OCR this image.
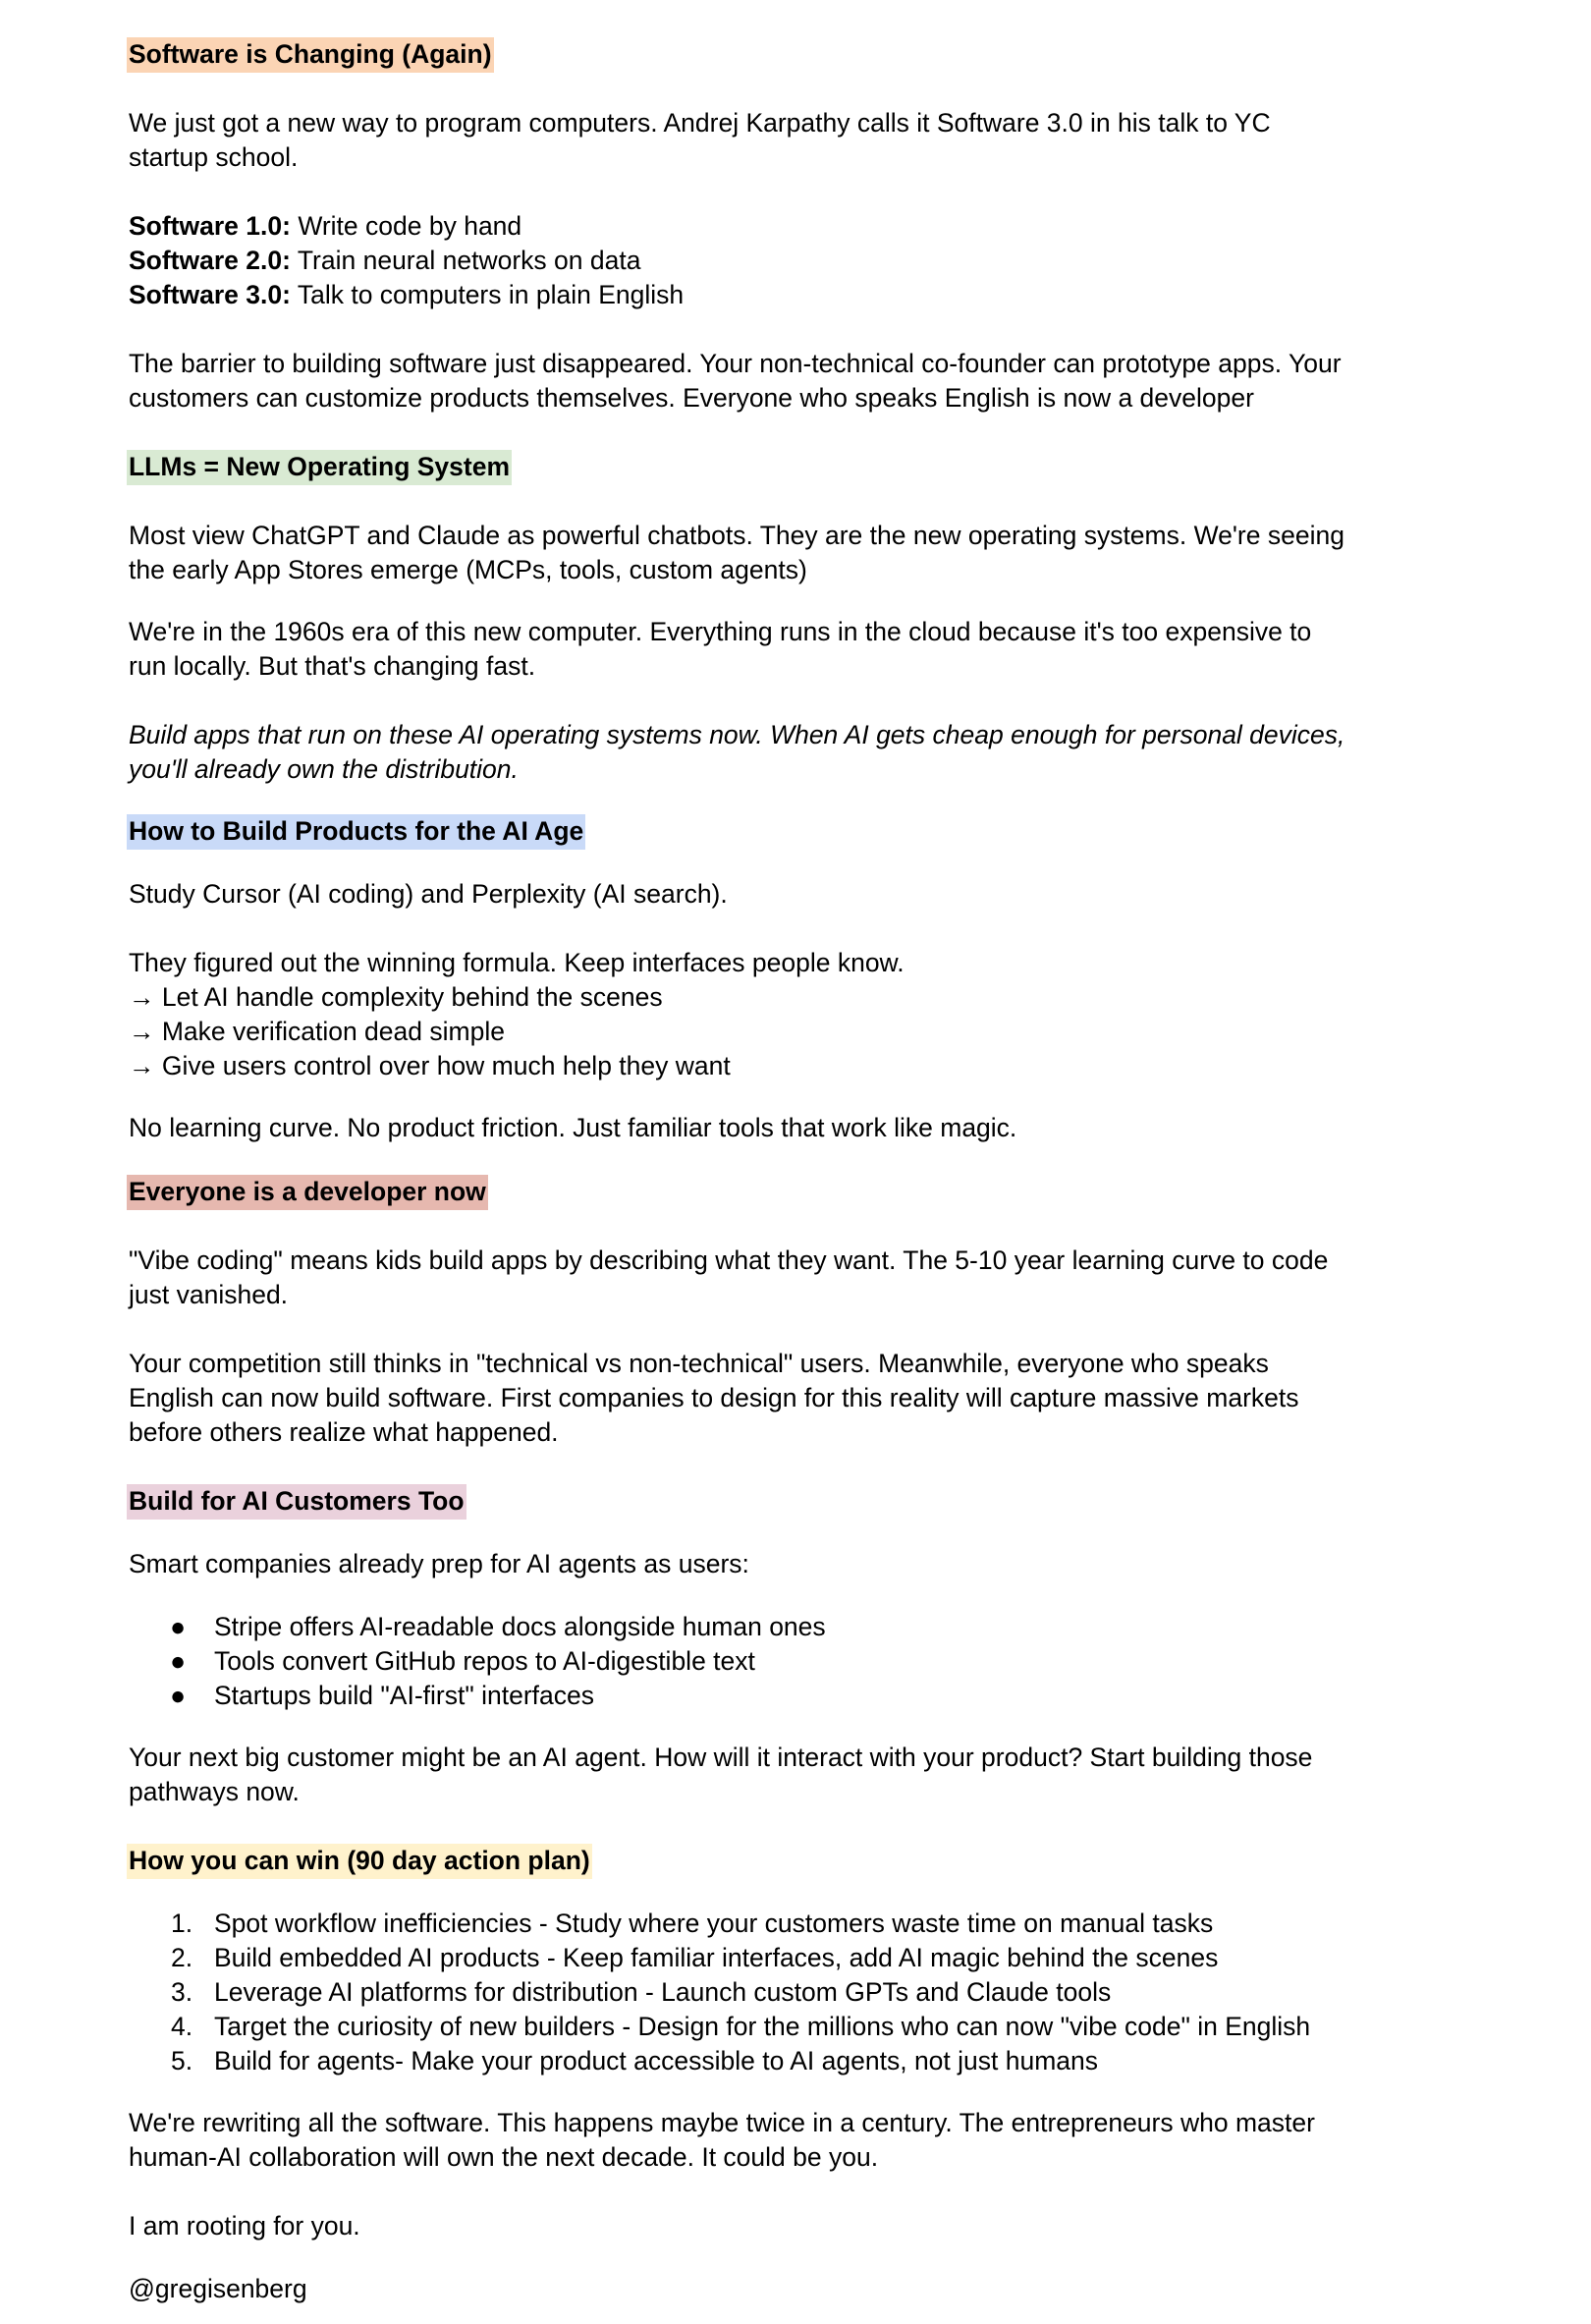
Software is Changing (Again)
We just got a new way to program computers. Andrej Karpathy calls it Software 3.0 in his talk to YC
startup school.
Software 1.0: Write code by hand
Software 2.0: Train neural networks on data
Software 3.0: Talk to computers in plain English
The barrier to building software just disappeared. Your non-technical co-founder can prototype apps. Your
customers can customize products themselves. Everyone who speaks English is now a developer
LLMs = New Operating System
Most view ChatGPT and Claude as powerful chatbots. They are the new operating systems. We're seeing
the early App Stores emerge (MCPs, tools, custom agents)
We're in the 1960s era of this new computer. Everything runs in the cloud because it's too expensive to
run locally. But that's changing fast.
Build apps that run on these AI operating systems now. When AI gets cheap enough for personal devices,
you'll already own the distribution.
How to Build Products for the AI Age
Study Cursor (AI coding) and Perplexity (AI search).
They figured out the winning formula. Keep interfaces people know.
→ Let AI handle complexity behind the scenes
→ Make verification dead simple
→ Give users control over how much help they want
No learning curve. No product friction. Just familiar tools that work like magic.
Everyone is a developer now
"Vibe coding" means kids build apps by describing what they want. The 5-10 year learning curve to code
just vanished.
Your competition still thinks in "technical vs non-technical" users. Meanwhile, everyone who speaks
English can now build software. First companies to design for this reality will capture massive markets
before others realize what happened.
Build for AI Customers Too
Smart companies already prep for AI agents as users:
●	Stripe offers AI-readable docs alongside human ones
●	Tools convert GitHub repos to AI-digestible text
●	Startups build "AI-first" interfaces
Your next big customer might be an AI agent. How will it interact with your product? Start building those
pathways now.
How you can win (90 day action plan)
1. Spot workflow inefficiencies - Study where your customers waste time on manual tasks
2. Build embedded AI products - Keep familiar interfaces, add AI magic behind the scenes
3. Leverage AI platforms for distribution - Launch custom GPTs and Claude tools
4. Target the curiosity of new builders - Design for the millions who can now "vibe code" in English
5. Build for agents- Make your product accessible to AI agents, not just humans
We're rewriting all the software. This happens maybe twice in a century. The entrepreneurs who master
human-AI collaboration will own the next decade. It could be you.
I am rooting for you.
@gregisenberg
